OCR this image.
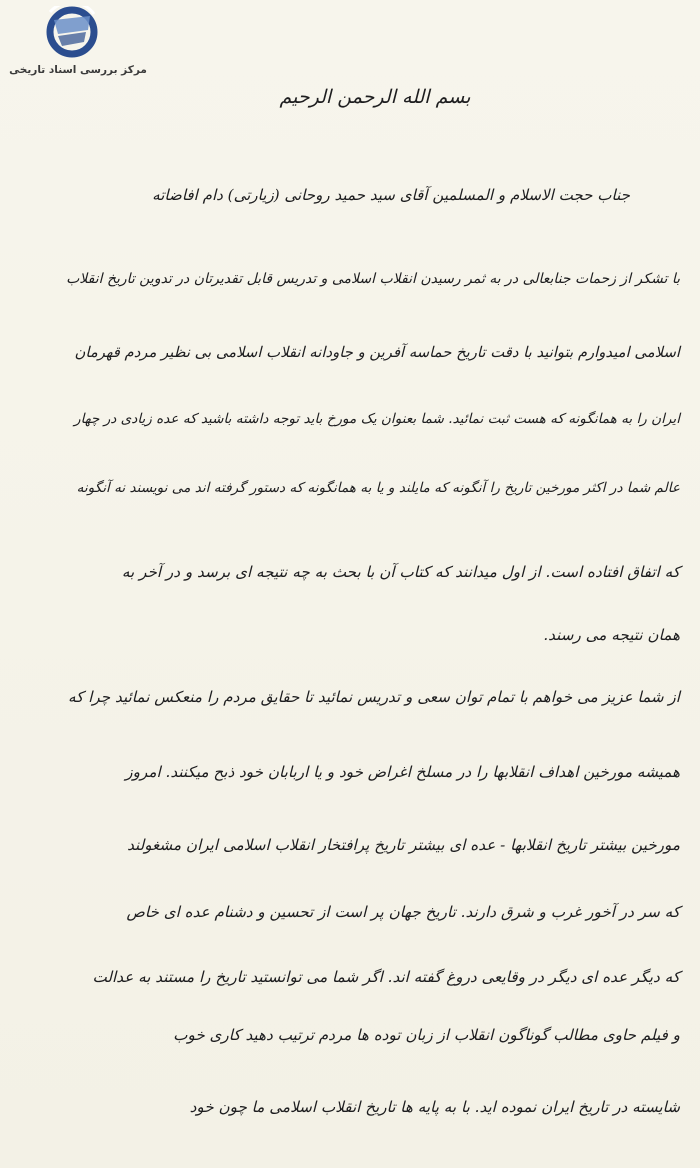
مرکز بررسی اسناد تاریخی
بسم الله الرحمن الرحیم
جناب حجت الاسلام و المسلمین آقای سید حمید روحانی (زیارتی) دام افاضاته
با تشکر از زحمات جنابعالی در به ثمر رسیدن انقلاب اسلامی و تدریس قابل تقدیرتان در تدوین تاریخ انقلاب
اسلامی امیدوارم بتوانید با دقت تاریخ حماسه آفرین و جاودانه انقلاب اسلامی بی نظیر مردم قهرمان
ایران را به همانگونه که هست ثبت نمائید. شما بعنوان یک مورخ باید توجه داشته باشید که عده زیادی در چهار
عالم شما در اکثر مورخین تاریخ را آنگونه که مایلند و یا به همانگونه که دستور گرفته اند می نویسند نه آنگونه
که اتفاق افتاده است. از اول میدانند که کتاب آن با بحث به چه نتیجه ای برسد و در آخر به
همان نتیجه می رسند.
از شما عزیز می خواهم با تمام توان سعی و تدریس نمائید تا حقایق مردم را منعکس نمائید چرا که
همیشه مورخین اهداف انقلابها را در مسلخ اغراض خود و یا اربابان خود ذبح میکنند. امروز
مورخین بیشتر تاریخ انقلابها - عده ای بیشتر تاریخ پرافتخار انقلاب اسلامی ایران مشغولند
که سر در آخور غرب و شرق دارند. تاریخ جهان پر است از تحسین و دشنام عده ای خاص
که دیگر عده ای دیگر در وقایعی دروغ گفته اند. اگر شما می توانستید تاریخ را مستند به عدالت
و فیلم حاوی مطالب گوناگون انقلاب از زبان توده ها مردم ترتیب دهید کاری خوب
شایسته در تاریخ ایران نموده اید. با به پایه ها تاریخ انقلاب اسلامی ما چون خود
